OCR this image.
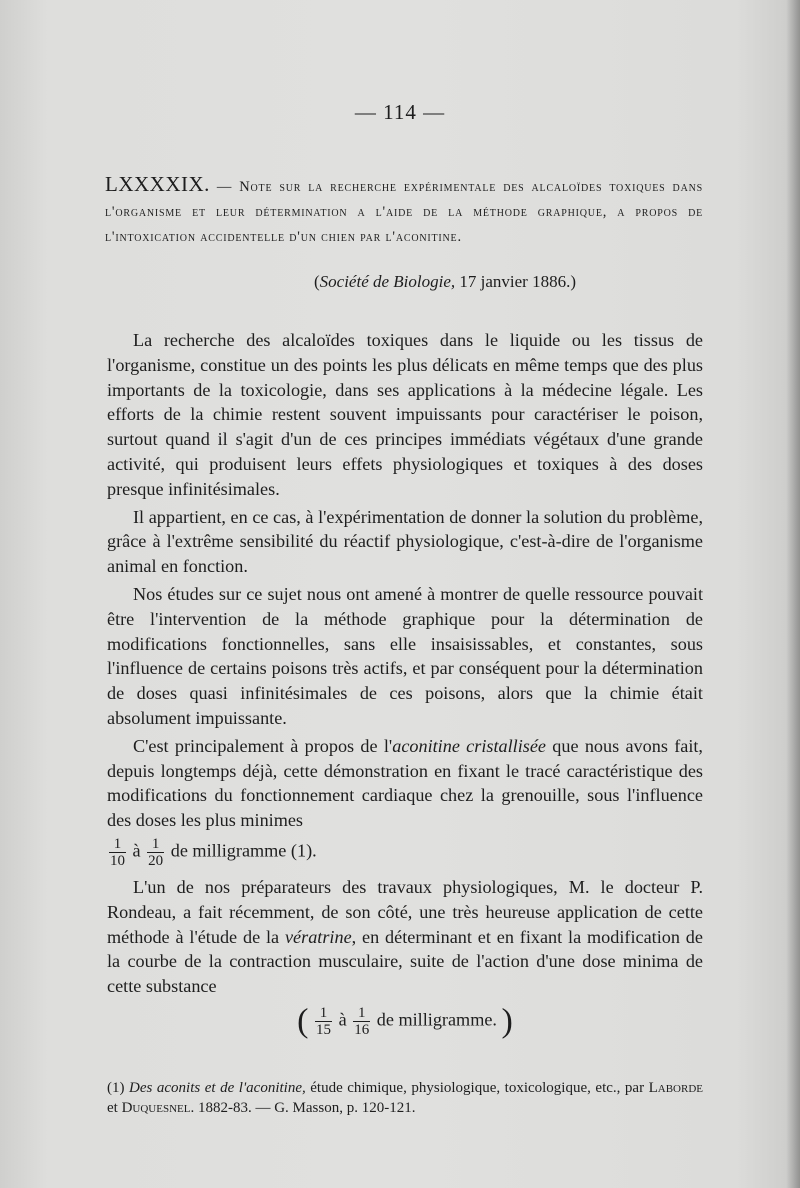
— 114 —
LXXXXIX. — Note sur la recherche expérimentale des alcaloïdes toxiques dans l'organisme et leur détermination a l'aide de la méthode graphique, a propos de l'intoxication accidentelle d'un chien par l'aconitine.
(Société de Biologie, 17 janvier 1886.)

La recherche des alcaloïdes toxiques dans le liquide ou les tissus de l'organisme, constitue un des points les plus délicats en même temps que des plus importants de la toxicologie, dans ses applications à la médecine légale. Les efforts de la chimie restent souvent impuissants pour caractériser le poison, surtout quand il s'agit d'un de ces principes immédiats végétaux d'une grande activité, qui produisent leurs effets physiologiques et toxiques à des doses presque infinitésimales.

Il appartient, en ce cas, à l'expérimentation de donner la solution du problème, grâce à l'extrême sensibilité du réactif physiologique, c'est-à-dire de l'organisme animal en fonction.

Nos études sur ce sujet nous ont amené à montrer de quelle ressource pouvait être l'intervention de la méthode graphique pour la détermination de modifications fonctionnelles, sans elle insaisissables, et constantes, sous l'influence de certains poisons très actifs, et par conséquent pour la détermination de doses quasi infinitésimales de ces poisons, alors que la chimie était absolument impuissante.

C'est principalement à propos de l'aconitine cristallisée que nous avons fait, depuis longtemps déjà, cette démonstration en fixant le tracé caractéristique des modifications du fonctionnement cardiaque chez la grenouille, sous l'influence des doses les plus minimes

$\frac{1}{10}$ à $\frac{1}{20}$ de milligramme (1).

L'un de nos préparateurs des travaux physiologiques, M. le docteur P. Rondeau, a fait récemment, de son côté, une très heureuse application de cette méthode à l'étude de la vératrine, en déterminant et en fixant la modification de la courbe de la contraction musculaire, suite de l'action d'une dose minima de cette substance

( $\frac{1}{15}$ à $\frac{1}{16}$ de milligramme. )
(1) Des aconits et de l'aconitine, étude chimique, physiologique, toxicologique, etc., par Laborde et Duquesnel. 1882-83. — G. Masson, p. 120-121.
